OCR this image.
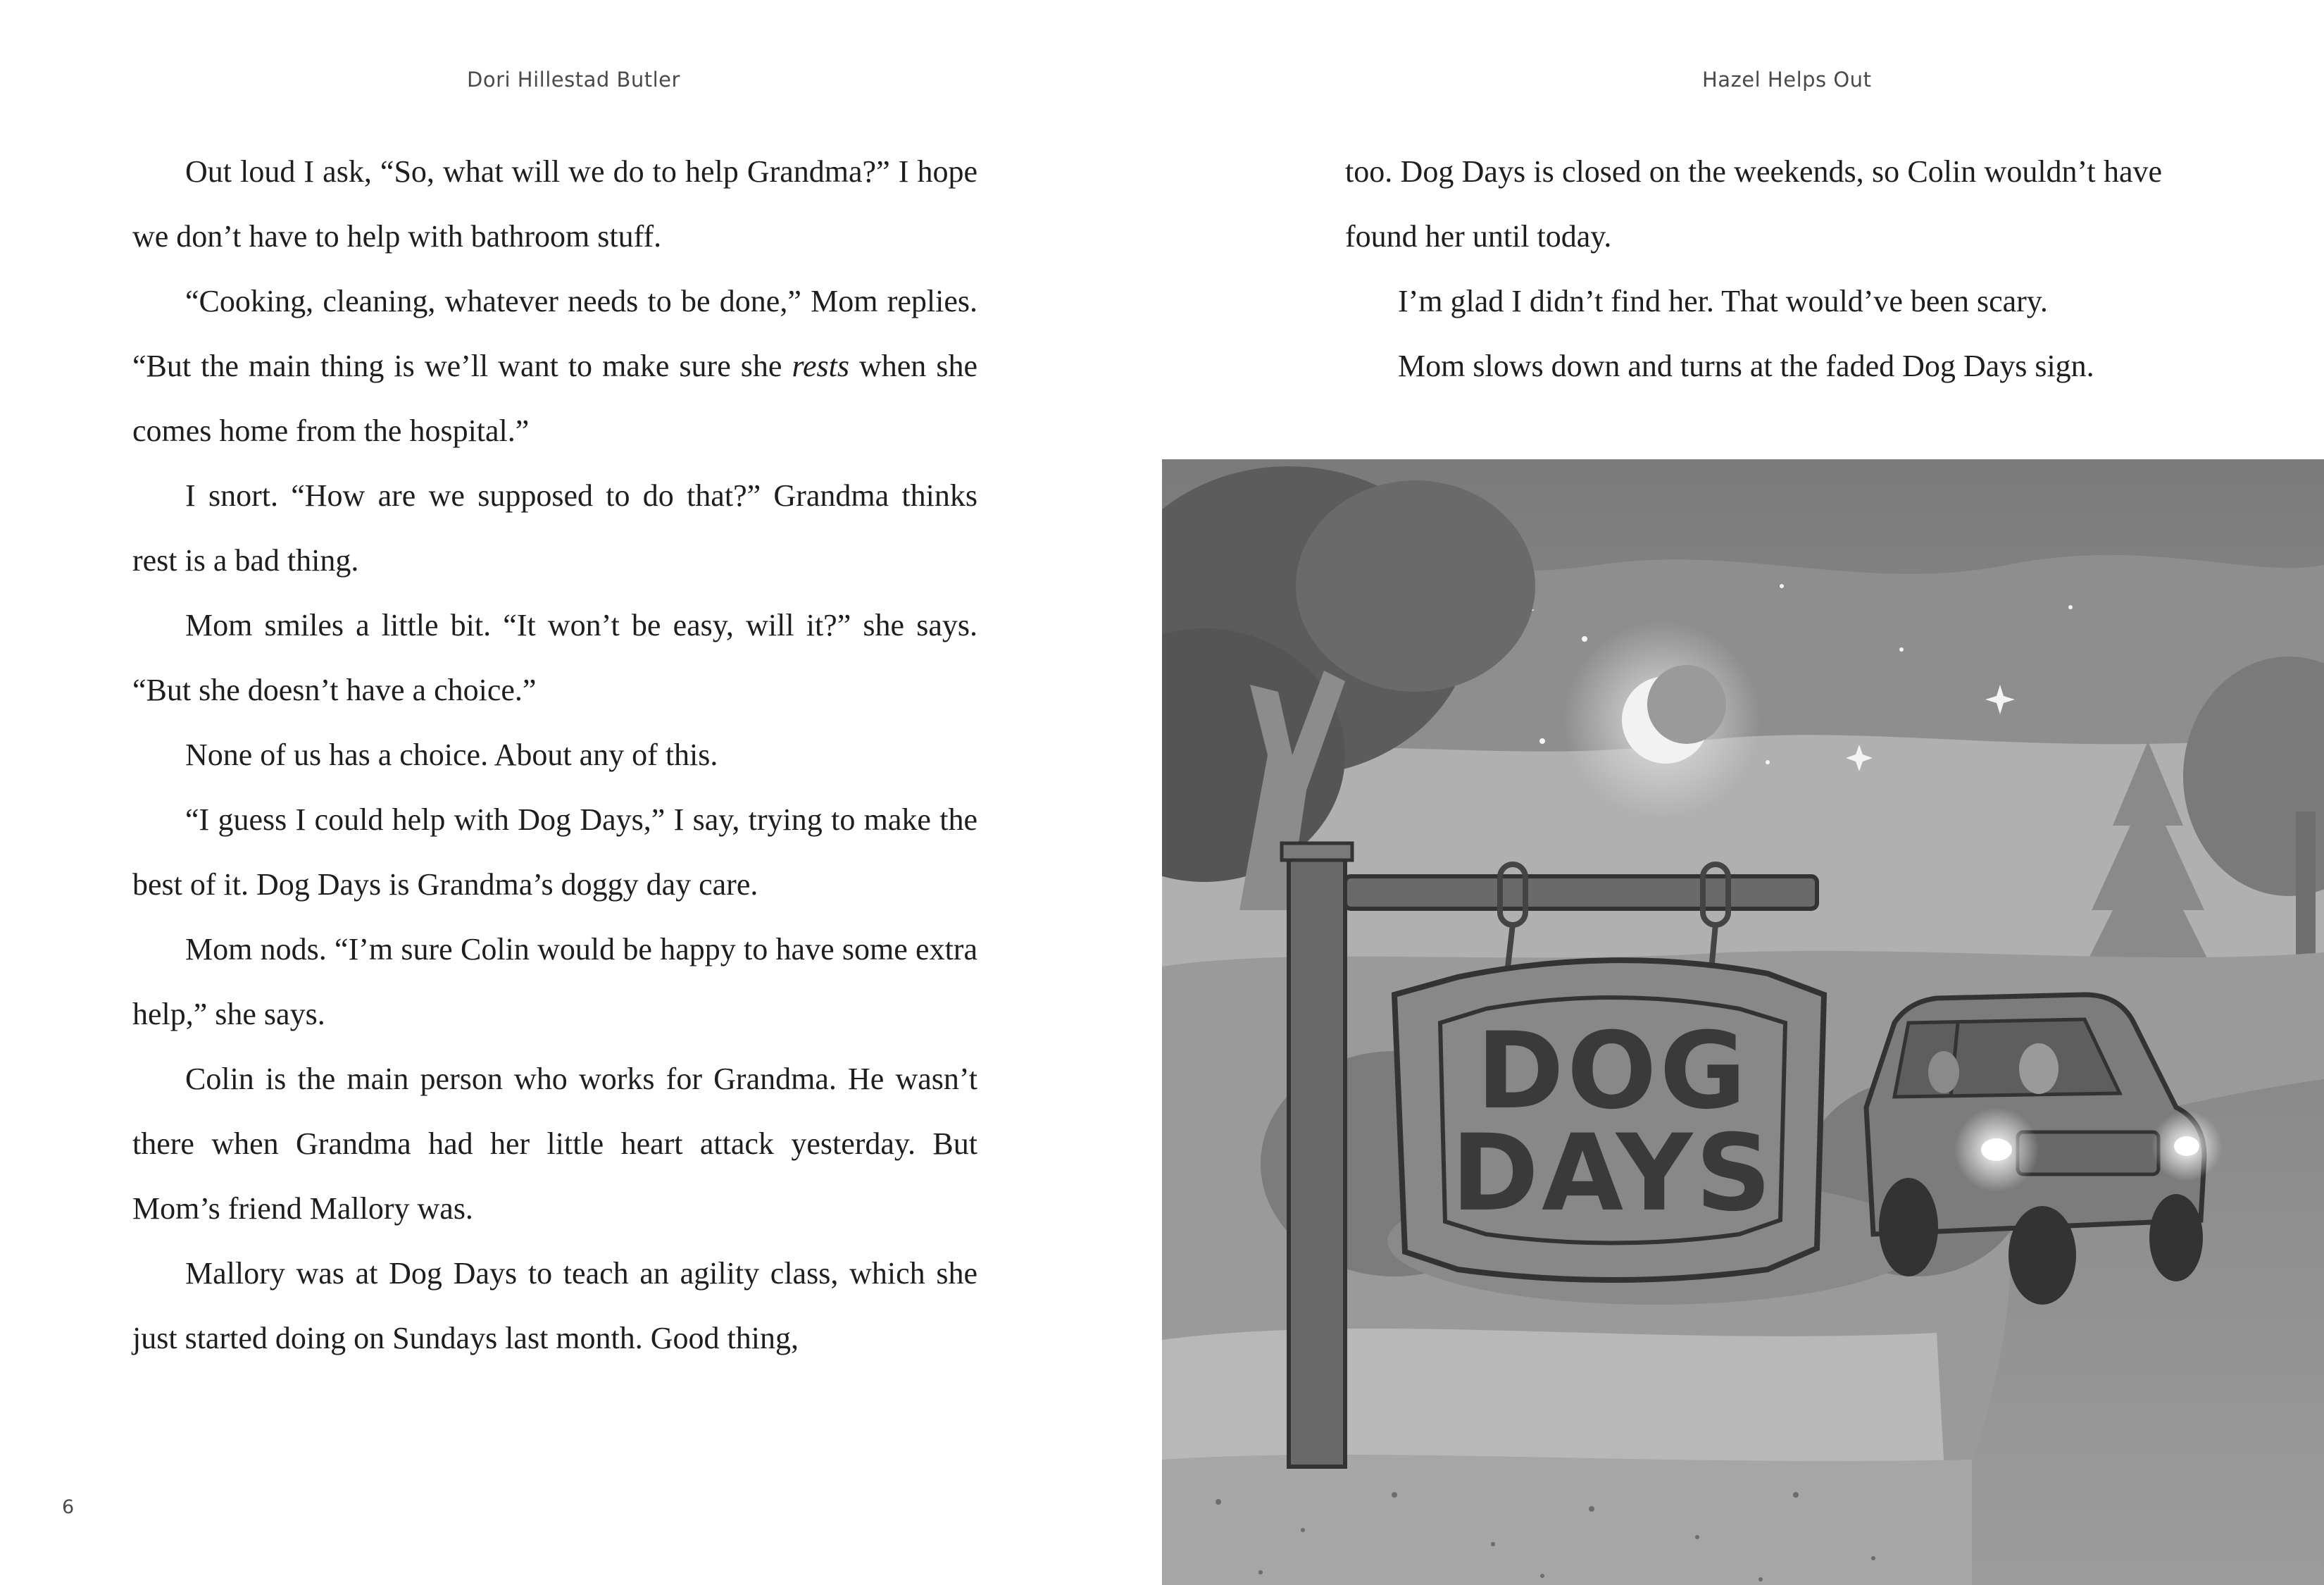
Dori Hillestad Butler

Out loud I ask, “So, what will we do to help Grandma?” I hope we don’t have to help with bathroom stuff.

“Cooking, cleaning, whatever needs to be done,” Mom replies. “But the main thing is we’ll want to make sure she rests when she comes home from the hospital.”

I snort. “How are we supposed to do that?” Grandma thinks rest is a bad thing.

Mom smiles a little bit. “It won’t be easy, will it?” she says. “But she doesn’t have a choice.”

None of us has a choice. About any of this.

“I guess I could help with Dog Days,” I say, trying to make the best of it. Dog Days is Grandma’s doggy day care.

Mom nods. “I’m sure Colin would be happy to have some extra help,” she says.

Colin is the main person who works for Grandma. He wasn’t there when Grandma had her little heart attack yesterday. But Mom’s friend Mallory was.

Mallory was at Dog Days to teach an agility class, which she just started doing on Sundays last month. Good thing,

6

Hazel Helps Out

too. Dog Days is closed on the weekends, so Colin wouldn’t have found her until today.

I’m glad I didn’t find her. That would’ve been scary.

Mom slows down and turns at the faded Dog Days sign.

DOG
DAYS
